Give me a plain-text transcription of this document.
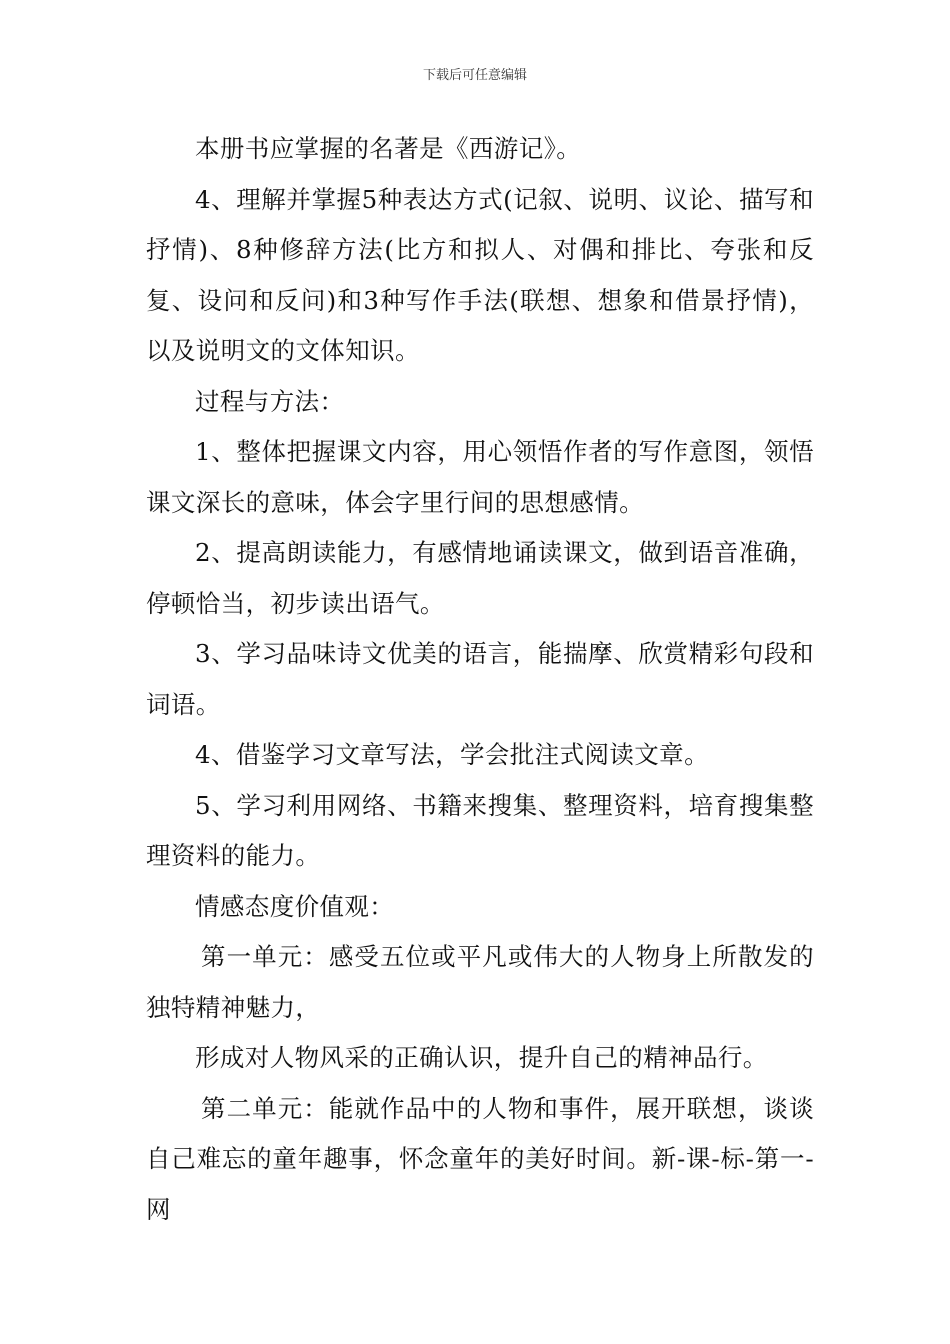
下载后可任意编辑

本册书应掌握的名著是《西游记》。

4、理解并掌握5种表达方式(记叙、说明、议论、描写和抒情)、8种修辞方法(比方和拟人、对偶和排比、夸张和反复、设问和反问)和3种写作手法(联想、想象和借景抒情)，以及说明文的文体知识。

过程与方法：

1、整体把握课文内容，用心领悟作者的写作意图，领悟课文深长的意味，体会字里行间的思想感情。

2、提高朗读能力，有感情地诵读课文，做到语音准确，停顿恰当，初步读出语气。

3、学习品味诗文优美的语言，能揣摩、欣赏精彩句段和词语。

4、借鉴学习文章写法，学会批注式阅读文章。

5、学习利用网络、书籍来搜集、整理资料，培育搜集整理资料的能力。

情感态度价值观：

第一单元：感受五位或平凡或伟大的人物身上所散发的独特精神魅力，

形成对人物风采的正确认识，提升自己的精神品行。

第二单元：能就作品中的人物和事件，展开联想，谈谈自己难忘的童年趣事，怀念童年的美好时间。新-课-标-第一-网
